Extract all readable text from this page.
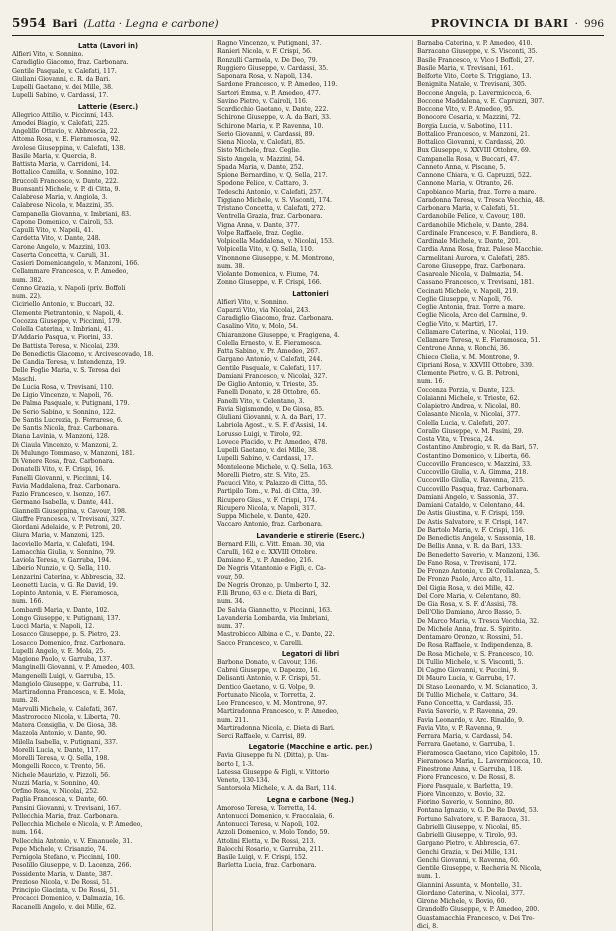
5954 Bari (Latta · Legna e carbone)	PROVINCIA DI BARI · 996
Latta (Lavori in)
Alfieri Vito, v. Sonnino.
Caradiglio Giacomo, fraz. Carbonara.
Gentile Pasquale, v. Calefati, 117.
Giuliani Giovanni, c. R. da Bari.
Lupelli Gaetano, v. dei Mille, 38.
Lupelli Sabino, v. Cardassi, 17.
Latterie (Eserc.)
Allegrico Attilio, v. Piccinni, 143.
Amodei Biagio, v. Calefati, 225.
Angelillo Ottavio, v. Abbrescia, 22.
Attoma Rosa, v. E. Fieramosca, 92.
Avolese Giuseppina, v. Calefati, 138.
Basile Maria, v. Quercia, 8.
Battista Maria, v. Carridoni, 14.
Bottalico Camilla, v. Sonnino, 102.
Bruccoli Francesco, v. Dante, 222.
Buonsanti Michele, v. P. di Citta, 9.
Calabrese Maria, v. Angiola, 3.
Calabrese Nicola, v. Mazzini, 35.
Campanella Giovanna, v. Imbriani, 83.
Capone Domenico, v. Cairoli, 53.
Capulli Vito, v. Napoli, 41.
Cardetta Vito, v. Dante, 248.
Carone Angelo, v. Mazzini, 103.
Caserta Concetta, v. Caruli, 31.
Casieri Domenicangelo, v. Manzoni, 166.
Cellammare Francesca, v. P. Amedeo,
num. 382.
Cenno Grazia, v. Napoli (priv. Boffoli
num. 22).
Ciciriello Antonio, v. Buccari, 32.
Clemente Pietrantonio, v. Napoli, 4.
Cocozza Giuseppe, v. Piccinni, 179.
Colella Caterina, v. Imbriani, 41.
D'Addario Pasqua, v. Fiorini, 33.
De Battista Teresa, v. Nicolai, 239.
De Benedictis Giacomo, v. Arcivescovado, 18.
De Candia Teresa, v. Intendenza, 19.
Delle Foglie Maria, v. S. Teresa dei
Maschi.
De Lucia Rosa, v. Trevisani, 110.
De Ligio Vincenzo, v. Napoli, 76.
De Palma Pasquale, v. Putignani, 179.
De Serio Sabino, v. Sonnino, 122.
De Santis Lucrezia, p. Ferrarese, 6.
De Santis Nicola, fraz. Carbonara.
Diana Lavinia, v. Manzoni, 128.
Di Ciaula Vincenzo, v. Manzoni, 2.
Di Mulungo Tommaso, v. Manzoni, 181.
Di Venere Rosa, fraz. Carbonara.
Donatelli Vito, v. F. Crispi, 16.
Fanelli Giovanni, v. Piccinni, 14.
Favia Maddalena, fraz. Carbonara.
Fazio Francesco, v. Isonzo, 167.
Germano Isabella, v. Dante, 441.
Giannelli Giuseppina, v. Cavour, 198.
Giuffre Francesca, v. Trevisani, 327.
Giordani Adelaide, v. P. Petroni, 20.
Giura Maria, v. Manzoni, 125.
Iacoviello Maria, v. Calefati, 194.
Lamacchia Giulia, v. Sonnino, 79.
Laviola Teresa, v. Garruba, 194.
Liberio Nunzio, v. Q. Sella, 110.
Lenzarini Caterina, v. Abbrescia, 32.
Leonetti Lucia, v. G. Re David, 19.
Lopinto Antonia, v. E. Fieramosca,
num. 166.
Lombardi Maria, v. Dante, 102.
Longo Giuseppe, v. Putignani, 137.
Lucci Maria, v. Napoli, 12.
Losacco Giuseppe, p. S. Pietro, 23.
Losacco Domenico, fraz. Carbonara.
Lupelli Angelo, v. E. Mola, 25.
Magione Paolo, v. Garruba, 137.
Manginelli Giovanni, v. P. Amedeo, 403.
Mangenelli Luigi, v. Garruba, 15.
Mangiolo Giuseppe, v. Garruba, 11.
Martiradonna Francesca, v. E. Mola,
num. 28.
Marvulli Michele, v. Calefati, 367.
Mastrorocco Nicola, v. Liberta, 70.
Matera Consiglia, v. De Giosa, 38.
Mazzola Antonio, v. Dante, 90.
Milella Isabella, v. Putignani, 337.
Morelli Lucia, v. Dante, 117.
Morelli Teresa, v. Q. Sella, 198.
Mongelli Rocco, v. Trento, 56.
Nichele Maurizio, v. Pizzoli, 56.
Nuzzi Maria, v. Sonnino, 40.
Orfino Rosa, v. Nicolai, 252.
Paglia Francesca, v. Dante, 60.
Pansini Giovanni, v. Trevisani, 167.
Pellecchia Maria, fraz. Carbonara.
Pellecchia Michele e Nicola, v. P. Amedeo,
num. 164.
Pellecchia Antonio, v. V. Emanuele, 31.
Pepe Michele, v. Crisanzio, 74.
Pernigola Stefano, v. Piccinni, 100.
Pesolillo Giuseppe, v. D. Lacenza, 266.
Possidente Maria, v. Dante, 387.
Prezioso Nicola, v. De Rossi, 51.
Principio Giacinta, v. De Rossi, 51.
Procacci Domenico, v. Dalmazia, 16.
Racanelli Angelo, v. dei Mille, 62.
Ragno Vincenzo, v. Putignani, 37.
Ranieri Nicola, v. F. Crispi, 56.
Ronzulli Carmela, v. De Deo, 79.
Ruggiero Giuseppe, v. Cardassi, 35.
Saponara Rosa, v. Napoli, 134.
Sardone Francesco, v. P. Amedeo, 119.
Sartori Emma, v. P. Amedeo, 477.
Savino Pietro, v. Cairoli, 116.
Scardicchio Gaetano, v. Dante, 222.
Schirone Giuseppe, v. A. da Bari, 33.
Schirone Maria, v. P. Ravenna, 10.
Serio Giovanni, v. Cardassi, 89.
Siena Nicola, v. Calefati, 85.
Sisto Michele, fraz. Ceglie.
Sisto Angela, v. Mazzini, 54.
Spada Maria, v. Dante, 252.
Spione Bernardino, v. Q. Sella, 217.
Spodone Felice, v. Cattaro, 3.
Tedeschi Antonio, v. Calefati, 257.
Tiggiano Michele, v. S. Visconti, 174.
Tristano Concetta, v. Calefati, 272.
Ventrella Grazia, fraz. Carbonara.
Vigna Anna, v. Dante, 377.
Volpe Raffaele, fraz. Ceglie.
Volpicella Maddalena, v. Nicolai, 153.
Volpicella Vito, v. Q. Sella, 110.
Vinonnone Giuseppe, v. M. Montrone,
num. 38.
Violante Domenica, v. Fiume, 74.
Zonno Giuseppe, v. F. Crispi, 166.
Lattonieri
Alfieri Vito, v. Sonnino.
Caparzi Vito, via Nicolai, 243.
Caradiglio Giacomo, fraz. Carbonara.
Casalino Vito, v. Molo, 54.
Chiaranzone Giuseppe, v. Fragigena, 4.
Colella Ernesto, v. E. Fieramosca.
Fatta Sabino, v. Pr. Amedeo, 267.
Gargano Antonio, v. Calefati, 244.
Gentile Pasquale, v. Calefati, 117.
Damiani Francesco, v. Nicolai, 327.
De Giglio Antonio, v. Trieste, 35.
Fanelli Donato, v. 28 Ottobre, 65.
Fanelli Vito, v. Celentano, 3.
Favia Sigismondo, v. De Giosa, 85.
Giuliani Giovanni, v. A. da Bari, 17.
Labriola Agost., v. S. F. d'Assisi, 14.
Lorusso Luigi, v. Tirolo, 92.
Lovece Placido, v. Pr. Amedeo, 478.
Lupelli Gaetano, v. dei Mille, 38.
Lupelli Sabino, v. Cardassi, 17.
Monteleone Michele, v. Q. Sella, 163.
Morelli Pietro, str. S. Vito, 25.
Pacucci Vito, v. Palazzo di Citta, 55.
Partipilo Tom., v. Pal. di Citta, 39.
Ricupero Gius., v. F. Crispi, 174.
Ricupero Nicola, v. Napoli, 317.
Suppa Michele, v. Dante, 420.
Vaccaro Antonio, fraz. Carbonara.
Lavanderie e stirerie (Eserc.)
Bernard F.lli, c. Vitt. Eman. 30, via
Carulli, 162 e c. XXVIII Ottobre.
Damiano E., v. P. Amedeo, 216.
De Negris Vitantonio e Figli, c. Ca-
vour, 59.
De Negris Oronzo, p. Umberto I, 32.
F.lli Bruno, 63 e c. Dieta di Bari,
num. 34.
De Salvia Giannetto, v. Piccinni, 163.
Lavanderia Lombarda, via Imbriani,
num. 37.
Mastrobicco Albina e C., v. Dante, 22.
Sacco Francesco, v. Carelli.
Legatori di libri
Barbone Donato, v. Cavour, 136.
Cabrei Giuseppe, v. Dapezzo, 16.
Delisanti Antonio, v. F. Crispi, 51.
Dentico Gaetano, v. G. Volpe, 9.
Fortunato Nicola, v. Torretta, 2.
Leo Francesco, v. M. Montrone, 97.
Martiradonna Francesco, v. P. Amedeo,
num. 211.
Martiradonna Nicola, c. Dieta di Bari.
Serci Raffaele, v. Carrisi, 89.
Legatorie (Macchine e artic. per.)
Favia Giuseppe fu N. (Ditta), p. Um-
berto I, 1-3.
Latessa Giuseppe & Figli, v. Vittorio
Veneto, 130-134.
Santorsola Michele, v. A. da Bari, 114.
Legna e carbone (Neg.)
Amoroso Teresa, v. Torretta, 14.
Antonucci Domenico, v. Fraccalaia, 6.
Antonucci Teresa, v. Napoli, 102.
Azzoli Domenico, v. Molo Tondo, 59.
Attolini Eletta, v. De Rossi, 213.
Balocchi Rosario, v. Garruba, 211.
Basile Luigi, v. F. Crispi, 152.
Barletta Lucia, fraz. Carbonara.
Barnaba Caterina, v. P. Amedeo, 410.
Barracano Giuseppe, v. S. Visconti, 35.
Basile Francesco, v. Vico I Boffoli, 27.
Basile Maria, v. Trevisani, 161.
Belforte Vito, Corte S. Triggiano, 13.
Benignita Natale, v. Trevisani, 305.
Boccone Angela, p. Lavermicocca, 6.
Boccone Maddalena, v. E. Capruzzi, 307.
Boccone Vito, v. P. Amedeo, 95.
Bonocore Cesaria, v. Mazzini, 72.
Borgia Lucia, v. Sabotino, 111.
Bottalico Francesco, v. Manzoni, 21.
Bottalico Giovanni, v. Cardassi, 20.
Bux Giuseppe, v. XXVIII Ottobre, 69.
Campanella Rosa, v. Buccari, 47.
Canneto Anna, v. Piscane, 5.
Cannone Chiara, v. G. Capruzzi, 522.
Cannone Maria, v. Otranto, 26.
Capobianco Maria, fraz. Torre a mare.
Caradonna Teresa, v. Tresca Vecchia, 48.
Carbonara Maria, v. Calefati, 51.
Cardanobile Felice, v. Cavour, 180.
Cardanobile Michele, v. Dante, 284.
Cardinale Francesco, v. F. Bandiera, 8.
Cardinale Michele, v. Dante, 201.
Cardia Anna Rosa, fraz. Palese Macchie.
Carmelitani Aurora, v. Calefati, 285.
Carone Giuseppe, fraz. Carbonara.
Casareale Nicola, v. Dalmazia, 54.
Cassano Francesco, v. Trevisani, 181.
Cecinati Michele, v. Napoli, 219.
Ceglie Giuseppe, v. Napoli, 76.
Ceglie Antonia, fraz. Torre a mare.
Ceglie Nicola, Arco del Carmine, 9.
Ceglie Vito, v. Martiri, 17.
Cellamare Caterina, v. Nicolai, 119.
Cellamare Teresa, v. E. Fieramosca, 51.
Centrone Anna, v. Ronchi, 36.
Chieco Clelia, v. M. Montrone, 9.
Cipriani Rosa, v. XXVIII Ottobre, 339.
Clemente Pietro, v. G. B. Petroni,
num. 16.
Coccenza Porzia, v. Dante, 123.
Colaianni Michele, v. Trieste, 62.
Colapietro Andrea, v. Nicolai, 80.
Colasante Nicola, v. Nicolai, 377.
Colella Lucia, v. Calefati, 207.
Corallo Giuseppe, v. M. Pasini, 29.
Costa Vita, v. Tresca, 24.
Costantino Ambrogio, v. R. da Bari, 57.
Costantino Domenico, v. Liberta, 66.
Cuccovillo Francesco, v. Mazzini, 33.
Cuccovillo Giulia, v. A. Gimma, 218.
Cuccovillo Giulia, v. Ravenna, 215.
Cuccovillo Pasqua, fraz. Carbonara.
Damiani Angelo, v. Sassonia, 37.
Damiani Cataldo, v. Celentano, 44.
De Astis Giustina, v. F. Crispi, 159.
De Astis Salvatore, v. F. Crispi, 147.
De Bartolo Maria, v. F. Crispi, 116.
De Benedictis Angela, v. Sassonia, 18.
De Bellis Anna, v. R. da Bari, 133.
De Benedetto Saverio, v. Manzoni, 136.
De Fano Rosa, v. Trevisani, 172.
De Fronzo Antonio, v. Di Crollalanza, 5.
De Fronzo Paolo, Arco alto, 11.
Del Gigia Rosa, v. dei Mille, 42.
Del Core Maria, v. Celentano, 80.
De Gia Rosa, v. S. F. d'Assisi, 78.
Dell'Olio Damiano, Arco Basso, 5.
De Marco Maria, v. Tresca Vecchia, 32.
De Michele Anna, fraz. S. Spirito.
Dentamaro Oronzo, v. Rossini, 51.
De Rosa Raffaele, v. Indipendenza, 8.
De Rosa Michele, v. S. Francesco, 10.
Di Tullio Michele, v. S. Visconti, 5.
Di Cagno Giovanni, v. Puccini, 9.
Di Mauro Lucia, v. Garruba, 17.
Di Staso Leonardo, v. M. Scianatico, 3.
Di Tullio Michele, v. Cattaro, 34.
Fano Concetta, v. Cardassi, 35.
Favia Saverio, v. P. Ravenna, 29.
Favia Leonardo, v. Arc. Rinaldo, 9.
Favia Vito, v. P. Ravenna, 9.
Ferrara Maria, v. Cardassi, 54.
Ferrara Gaetano, v. Garruba, 1.
Fieramosca Gaetano, vico Capitolo, 15.
Fieramosca Maria, L. Lavermicocca, 10.
Finestrone Anna, v. Garruba, 118.
Fiore Francesco, v. De Rossi, 8.
Fiore Pasquale, v. Barletta, 19.
Fiore Vincenzo, v. Bovio, 32.
Fiorino Saverio, v. Sonnino, 80.
Fontana Ignazio, v. G. De Re David, 53.
Fortuno Salvatore, v. F. Baracca, 31.
Gabrielli Giuseppe, v. Nicolai, 85.
Gabrielli Giuseppe, v. Tirolo, 93.
Gargano Pietro, v. Abbrescia, 67.
Genchi Grazia, v. Dei Mille, 131.
Genchi Giovanni, v. Ravenna, 60.
Gentile Giuseppe, v. Recheria N. Nicola,
num. 1.
Giannini Assunta, v. Montello, 31.
Giordano Caterina, v. Nicolai, 377.
Girone Michele, v. Bovio, 60.
Grandolfo Giuseppe, v. P. Amedeo, 200.
Guastamacchia Francesco, v. Dei Tre-
dici, 8.
